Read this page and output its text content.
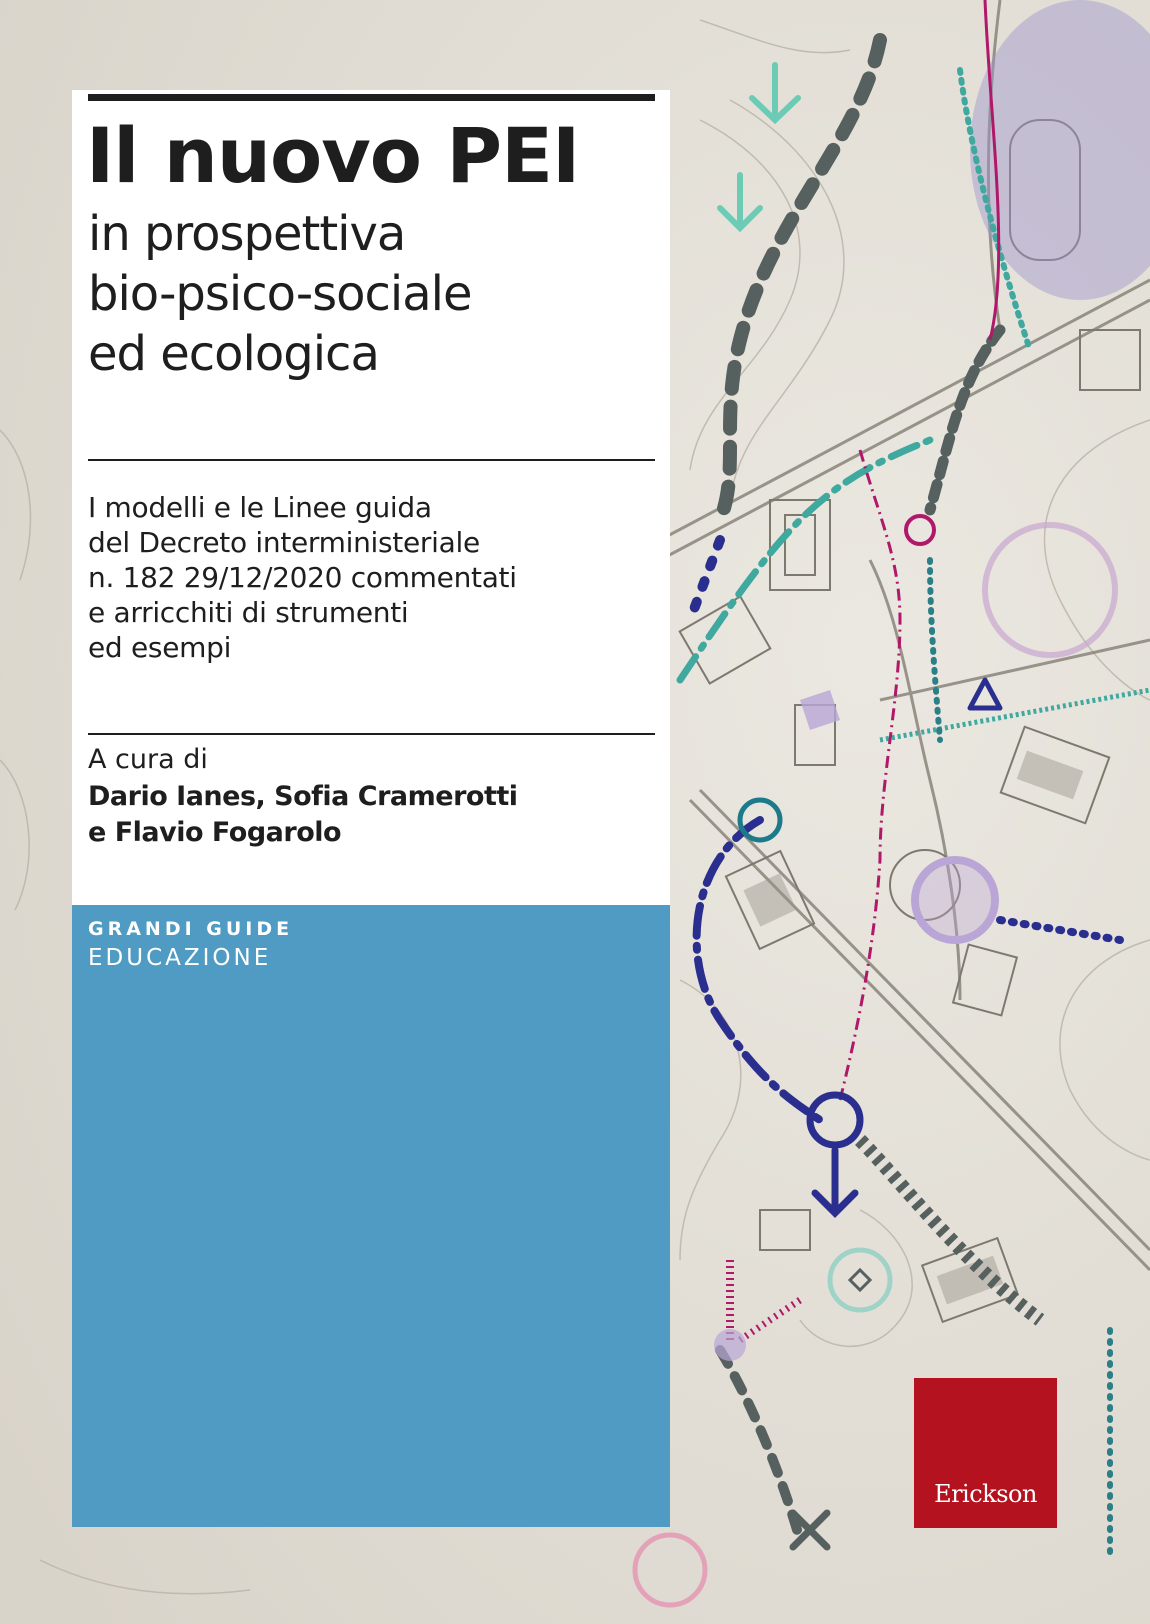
Il nuovo PEI
in prospettiva
bio-psico-sociale
ed ecologica

I modelli e le Linee guida
del Decreto interministeriale
n. 182 29/12/2020 commentati
e arricchiti di strumenti
ed esempi

A cura di
Dario Ianes, Sofia Cramerotti
e Flavio Fogarolo
GRANDI GUIDE
EDUCAZIONE
Erickson
